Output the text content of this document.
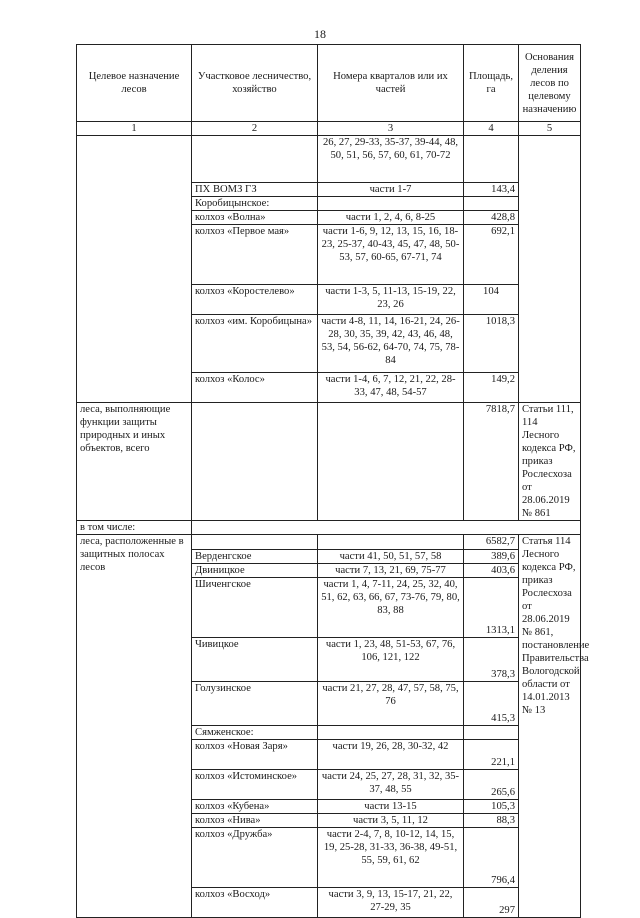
18
Целевое назначение лесов	Участковое лесничество, хозяйство	Номера кварталов или их частей	Площадь, га	Основания деления лесов по целевому назначению
1	2	3	4	5
		26, 27, 29-33, 35-37, 39-44, 48, 50, 51, 56, 57, 60, 61, 70-72		
	ПХ ВОМЗ ГЗ	части 1-7	143,4	
	Коробицынское:			
	колхоз «Волна»	части 1, 2, 4, 6, 8-25	428,8	
	колхоз «Первое мая»	части 1-6, 9, 12, 13, 15, 16, 18-23, 25-37, 40-43, 45, 47, 48, 50-53, 57, 60-65, 67-71, 74	692,1	
	колхоз «Коростелево»	части 1-3, 5, 11-13, 15-19, 22, 23, 26	104	
	колхоз «им. Коробицына»	части 4-8, 11, 14, 16-21, 24, 26-28, 30, 35, 39, 42, 43, 46, 48, 53, 54, 56-62, 64-70, 74, 75, 78-84	1018,3	
	колхоз «Колос»	части 1-4, 6, 7, 12, 21, 22, 28-33, 47, 48, 54-57	149,2	
леса, выполняющие функции защиты природных и иных объектов, всего			7818,7	Статьи 111, 114 Лесного кодекса РФ, приказ Рослесхоза от 28.06.2019 № 861
в том числе:				
леса, расположенные в защитных полосах лесов			6582,7	Статья 114 Лесного кодекса РФ, приказ Рослесхоза от 28.06.2019 № 861, постановление Правительства Вологодской области от 14.01.2013 № 13
	Верденгское	части 41, 50, 51, 57, 58	389,6	
	Двиницкое	части 7, 13, 21, 69, 75-77	403,6	
	Шиченгское	части 1, 4, 7-11, 24, 25, 32, 40, 51, 62, 63, 66, 67, 73-76, 79, 80, 83, 88	1313,1	
	Чивицкое	части 1, 23, 48, 51-53, 67, 76, 106, 121, 122	378,3	
	Голузинское	части 21, 27, 28, 47, 57, 58, 75, 76	415,3	
	Сямженское:			
	колхоз «Новая Заря»	части 19, 26, 28, 30-32, 42	221,1	
	колхоз «Истоминское»	части 24, 25, 27, 28, 31, 32, 35-37, 48, 55	265,6	
	колхоз «Кубена»	части 13-15	105,3	
	колхоз «Нива»	части 3, 5, 11, 12	88,3	
	колхоз «Дружба»	части 2-4, 7, 8, 10-12, 14, 15, 19, 25-28, 31-33, 36-38, 49-51, 55, 59, 61, 62	796,4	
	колхоз «Восход»	части 3, 9, 13, 15-17, 21, 22, 27-29, 35	297	
